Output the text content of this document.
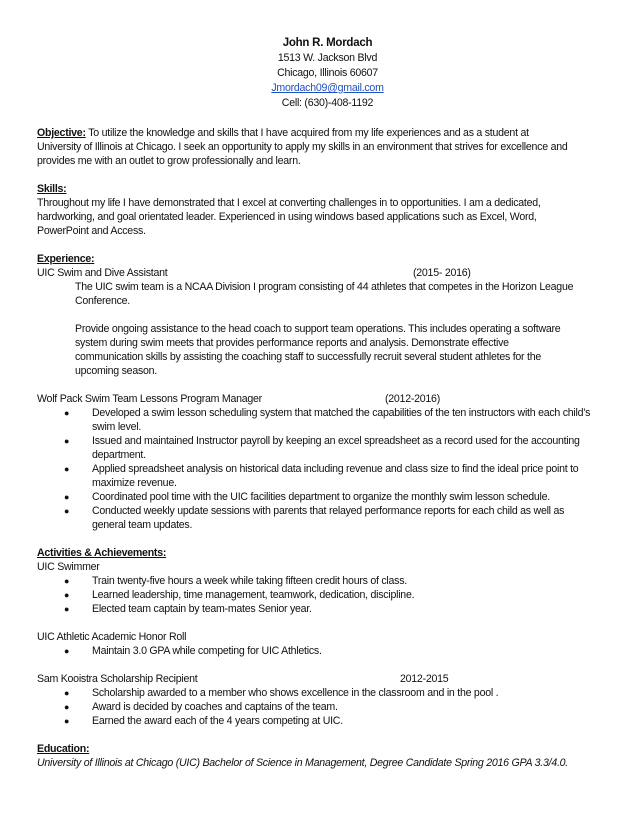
John R. Mordach
1513 W. Jackson Blvd
Chicago, Illinois 60607
Jmordach09@gmail.com
Cell: (630)-408-1192
Objective: To utilize the knowledge and skills that I have acquired from my life experiences and as a student at
University of Illinois at Chicago. I seek an opportunity to apply my skills in an environment that strives for excellence and
provides me with an outlet to grow professionally and learn.
Skills:
Throughout my life I have demonstrated that I excel at converting challenges in to opportunities. I am a dedicated,
hardworking, and goal orientated leader. Experienced in using windows based applications such as Excel, Word,
PowerPoint and Access.
Experience:
UIC Swim and Dive Assistant	(2015- 2016)
The UIC swim team is a NCAA Division I program consisting of 44 athletes that competes in the Horizon League
Conference.
Provide ongoing assistance to the head coach to support team operations. This includes operating a software
system during swim meets that provides performance reports and analysis. Demonstrate effective
communication skills by assisting the coaching staff to successfully recruit several student athletes for the
upcoming season.
Wolf Pack Swim Team Lessons Program Manager	(2012-2016)
● Developed a swim lesson scheduling system that matched the capabilities of the ten instructors with each child’s
swim level.
● Issued and maintained Instructor payroll by keeping an excel spreadsheet as a record used for the accounting
department.
● Applied spreadsheet analysis on historical data including revenue and class size to find the ideal price point to
maximize revenue.
● Coordinated pool time with the UIC facilities department to organize the monthly swim lesson schedule.
● Conducted weekly update sessions with parents that relayed performance reports for each child as well as
general team updates.
Activities & Achievements:
UIC Swimmer
● Train twenty-five hours a week while taking fifteen credit hours of class.
● Learned leadership, time management, teamwork, dedication, discipline.
● Elected team captain by team-mates Senior year.
UIC Athletic Academic Honor Roll
● Maintain 3.0 GPA while competing for UIC Athletics.
Sam Kooistra Scholarship Recipient	2012-2015
● Scholarship awarded to a member who shows excellence in the classroom and in the pool .
● Award is decided by coaches and captains of the team.
● Earned the award each of the 4 years competing at UIC.
Education:
University of Illinois at Chicago (UIC) Bachelor of Science in Management, Degree Candidate Spring 2016 GPA 3.3/4.0.
